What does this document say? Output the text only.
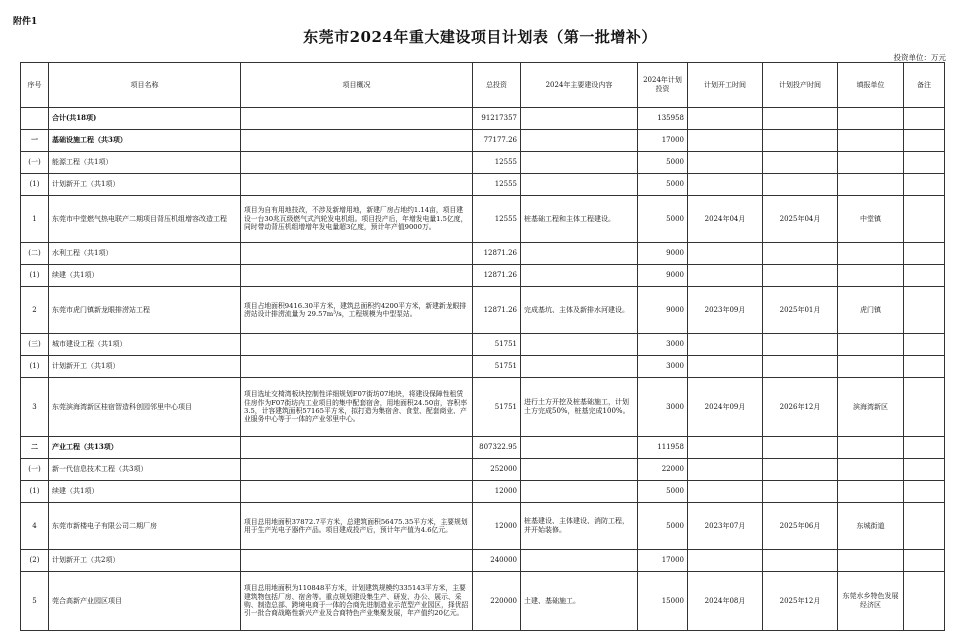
附件1
东莞市2024年重大建设项目计划表（第一批增补）
投资单位：万元
序号	项目名称	项目概况	总投资	2024年主要建设内容	2024年计划投资	计划开工时间	计划投产时间	填报单位	备注
	合计(共18项)		91217357		135958				
一	基础设施工程（共3项）		77177.26		17000				
(一)	能源工程（共1项）		12555		5000				
(1)	计划新开工（共1项）		12555		5000				
1	东莞市中堂燃气热电联产二期项目背压机组增容改造工程	项目为自有用地技改，不涉及新增用地，新建厂房占地约1.14亩，项目建设一台30兆瓦级燃气式汽轮发电机组。项目投产后，年增发电量1.5亿度，同时带动背压机组增增年发电量超3亿度，预计年产值9000万。	12555	桩基础工程和主体工程建设。	5000	2024年04月	2025年04月	中堂镇	
(二)	水利工程（共1项）		12871.26		9000				
(1)	续建（共1项）		12871.26		9000				
2	东莞市虎门镇新龙眼排涝站工程	项目占地面积9416.30平方米，建筑总面积约4200平方米，新建新龙眼排涝站设计排涝流量为 29.57m³/s，工程规模为中型泵站。	12871.26	完成基坑、主体及新排水河建设。	9000	2023年09月	2025年01月	虎门镇	
(三)	城市建设工程（共1项）		51751		3000				
(1)	计划新开工（共1项）		51751		3000				
3	东莞滨海湾新区桂宿智造科创园邻里中心项目	项目选址交椅湾板块控制性详细规划F07街坊07地块，将建设保障性租赁住房作为F07街坊内工业项目的集中配套宿舍，用地面积24.50亩，容积率3.5，计容建筑面积57165平方米，拟打造为集宿舍、食堂、配套商业、产业服务中心等于一体的产业邻里中心。	51751	进行土方开挖及桩基础施工，计划土方完成50%，桩基完成100%。	3000	2024年09月	2026年12月	滨海湾新区	
二	产业工程（共13项）		807322.95		111958				
(一)	新一代信息技术工程（共3项）		252000		22000				
(1)	续建（共1项）		12000		5000				
4	东莞市新楼电子有限公司二期厂房	项目总用地面积37872.7平方米，总建筑面积56475.35平方米，主要规划用于生产光电子器件产品。项目建成投产后，预计年产值为4.6亿元。	12000	桩基建设、主体建设、消防工程，并开始装修。	5000	2023年07月	2025年06月	东城街道	
(2)	计划新开工（共2项）		240000		17000				
5	莞合高新产业园区项目	项目总用地面积为110848平方米，计划建筑规模约335143平方米，主要建筑物包括厂房、宿舍等。重点规划建设集生产、研发、办公、展示、采购、制造总部、跨境电商于一体的合商先进制造业示范型产业园区，择优招引一批合商战略性新兴产业及合商特色产业集聚发展，年产值约20亿元。	220000	土建、基础施工。	15000	2024年08月	2025年12月	东莞水乡特色发展经济区	
